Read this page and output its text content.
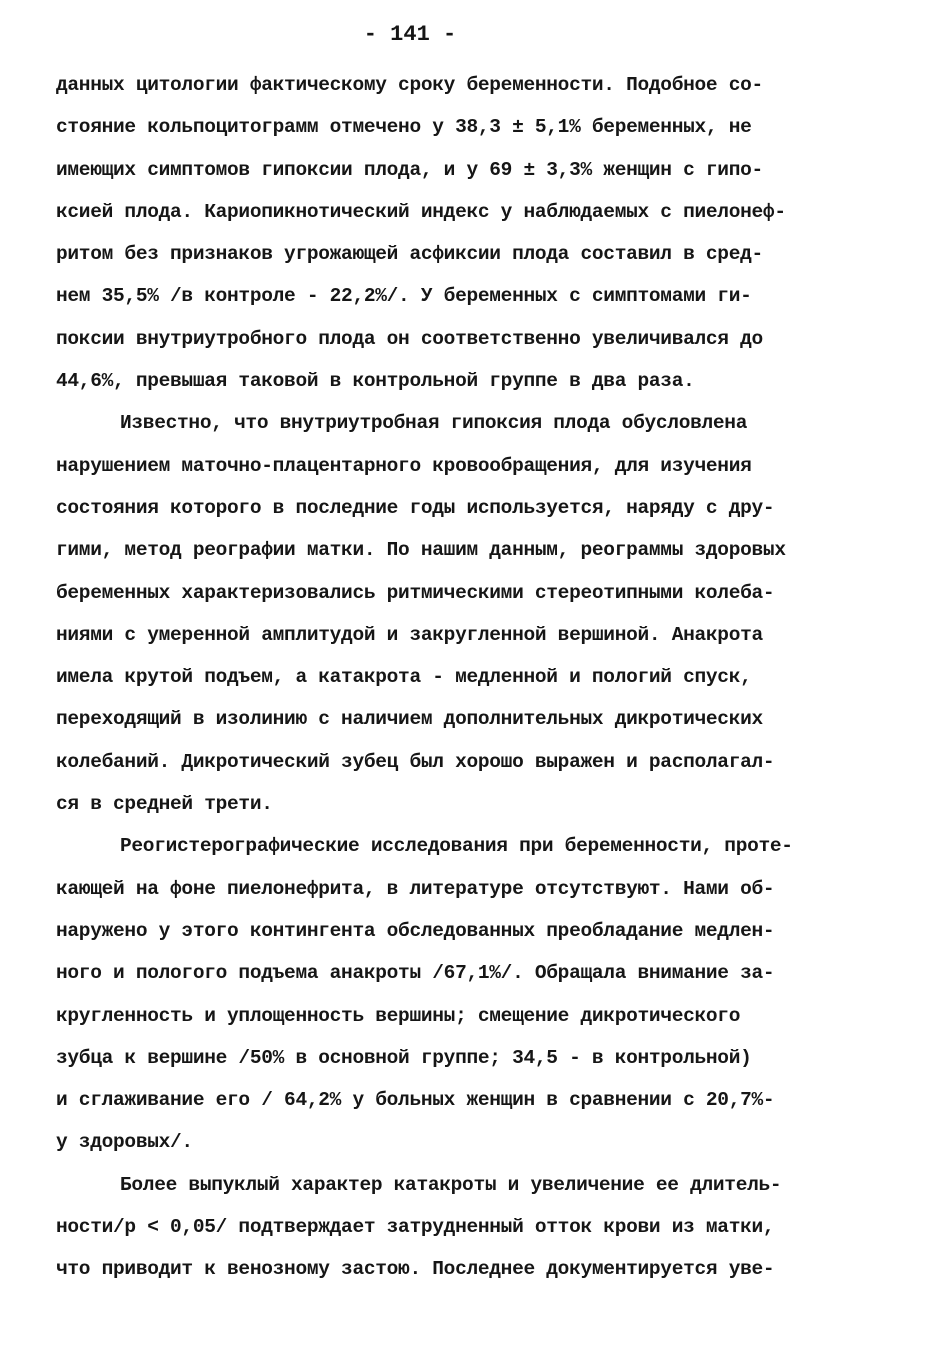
- 141 -
данных цитологии фактическому сроку беременности. Подобное со-
стояние кольпоцитограмм отмечено у 38,3 ± 5,1% беременных, не
имеющих симптомов гипоксии плода, и у 69 ± 3,3% женщин с гипо-
ксией плода. Кариопикнотический индекс у наблюдаемых с пиелонеф-
ритом без признаков угрожающей асфиксии плода составил в сред-
нем 35,5% /в контроле - 22,2%/. У беременных с симптомами ги-
поксии внутриутробного плода он соответственно увеличивался до
44,6%, превышая таковой в контрольной группе в два раза.
Известно, что внутриутробная гипоксия плода обусловлена
нарушением маточно-плацентарного кровообращения, для изучения
состояния которого в последние годы используется, наряду с дру-
гими, метод реографии матки. По нашим данным, реограммы здоровых
беременных характеризовались ритмическими стереотипными колеба-
ниями с умеренной амплитудой и закругленной вершиной. Анакрота
имела крутой подъем, а катакрота - медленной и пологий спуск,
переходящий в изолинию с наличием дополнительных дикротических
колебаний. Дикротический зубец был хорошо выражен и располагал-
ся в средней трети.
Реогистерографические исследования при беременности, проте-
кающей на фоне пиелонефрита, в литературе отсутствуют. Нами об-
наружено у этого контингента обследованных преобладание медлен-
ного и пологого подъема анакроты /67,1%/. Обращала внимание за-
кругленность и уплощенность вершины; смещение дикротического
зубца к вершине /50% в основной группе; 34,5 - в контрольной)
и сглаживание его / 64,2% у больных женщин в сравнении с 20,7%-
у здоровых/.
Более выпуклый характер катакроты и увеличение ее длитель-
ности/р < 0,05/ подтверждает затрудненный отток крови из матки,
что приводит к венозному застою. Последнее документируется уве-
